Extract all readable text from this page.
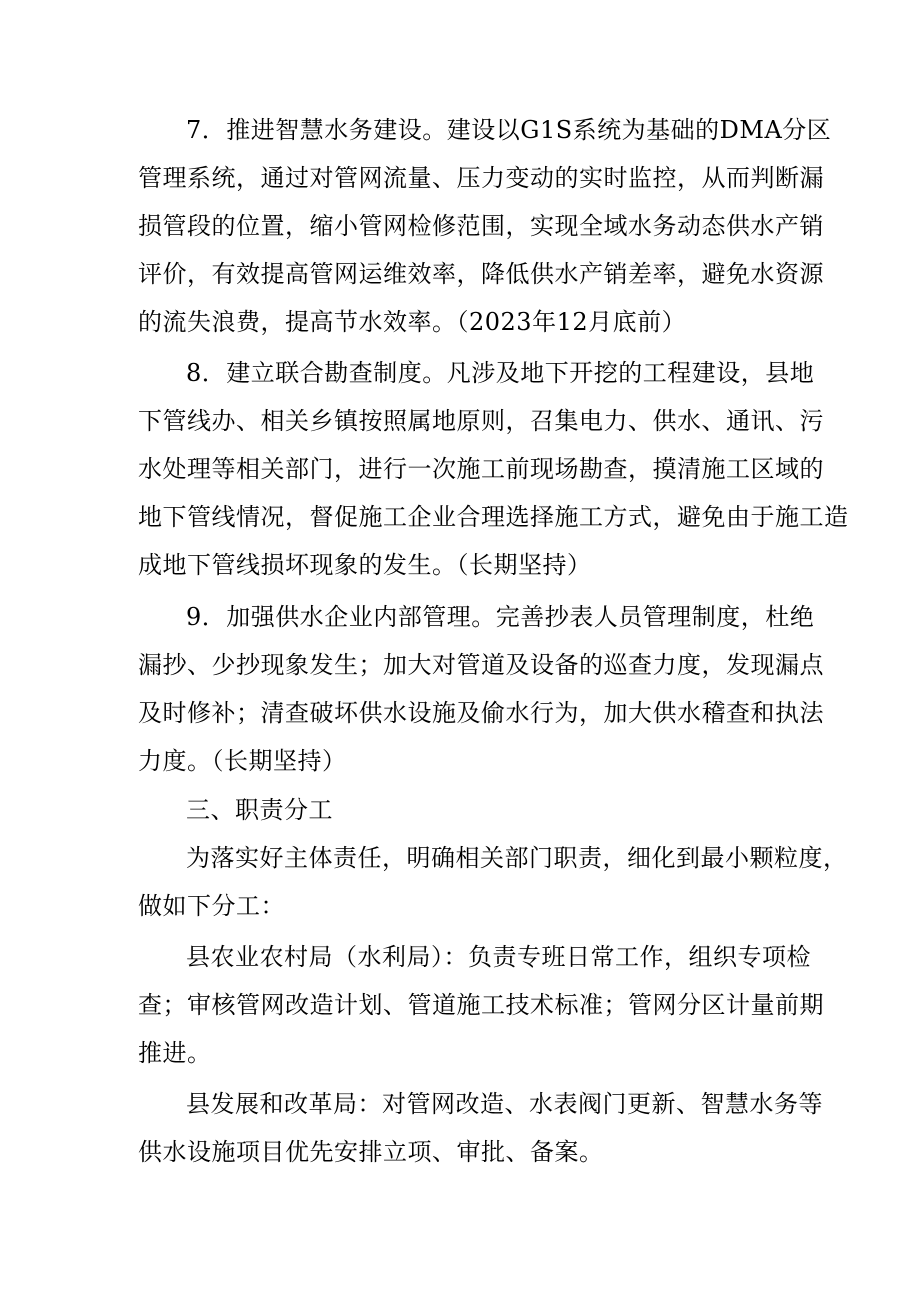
7．推进智慧水务建设。建设以G1S系统为基础的DMA分区
管理系统，通过对管网流量、压力变动的实时监控，从而判断漏
损管段的位置，缩小管网检修范围，实现全域水务动态供水产销
评价，有效提高管网运维效率，降低供水产销差率，避免水资源
的流失浪费，提高节水效率。（2023年12月底前）
8．建立联合勘查制度。凡涉及地下开挖的工程建设，县地
下管线办、相关乡镇按照属地原则，召集电力、供水、通讯、污
水处理等相关部门，进行一次施工前现场勘查，摸清施工区域的
地下管线情况，督促施工企业合理选择施工方式，避免由于施工造
成地下管线损坏现象的发生。（长期坚持）
9．加强供水企业内部管理。完善抄表人员管理制度，杜绝
漏抄、少抄现象发生；加大对管道及设备的巡查力度，发现漏点
及时修补；清查破坏供水设施及偷水行为，加大供水稽查和执法
力度。（长期坚持）
三、职责分工
为落实好主体责任，明确相关部门职责，细化到最小颗粒度，
做如下分工：
县农业农村局（水利局）：负责专班日常工作，组织专项检
查；审核管网改造计划、管道施工技术标准；管网分区计量前期
推进。
县发展和改革局：对管网改造、水表阀门更新、智慧水务等
供水设施项目优先安排立项、审批、备案。
